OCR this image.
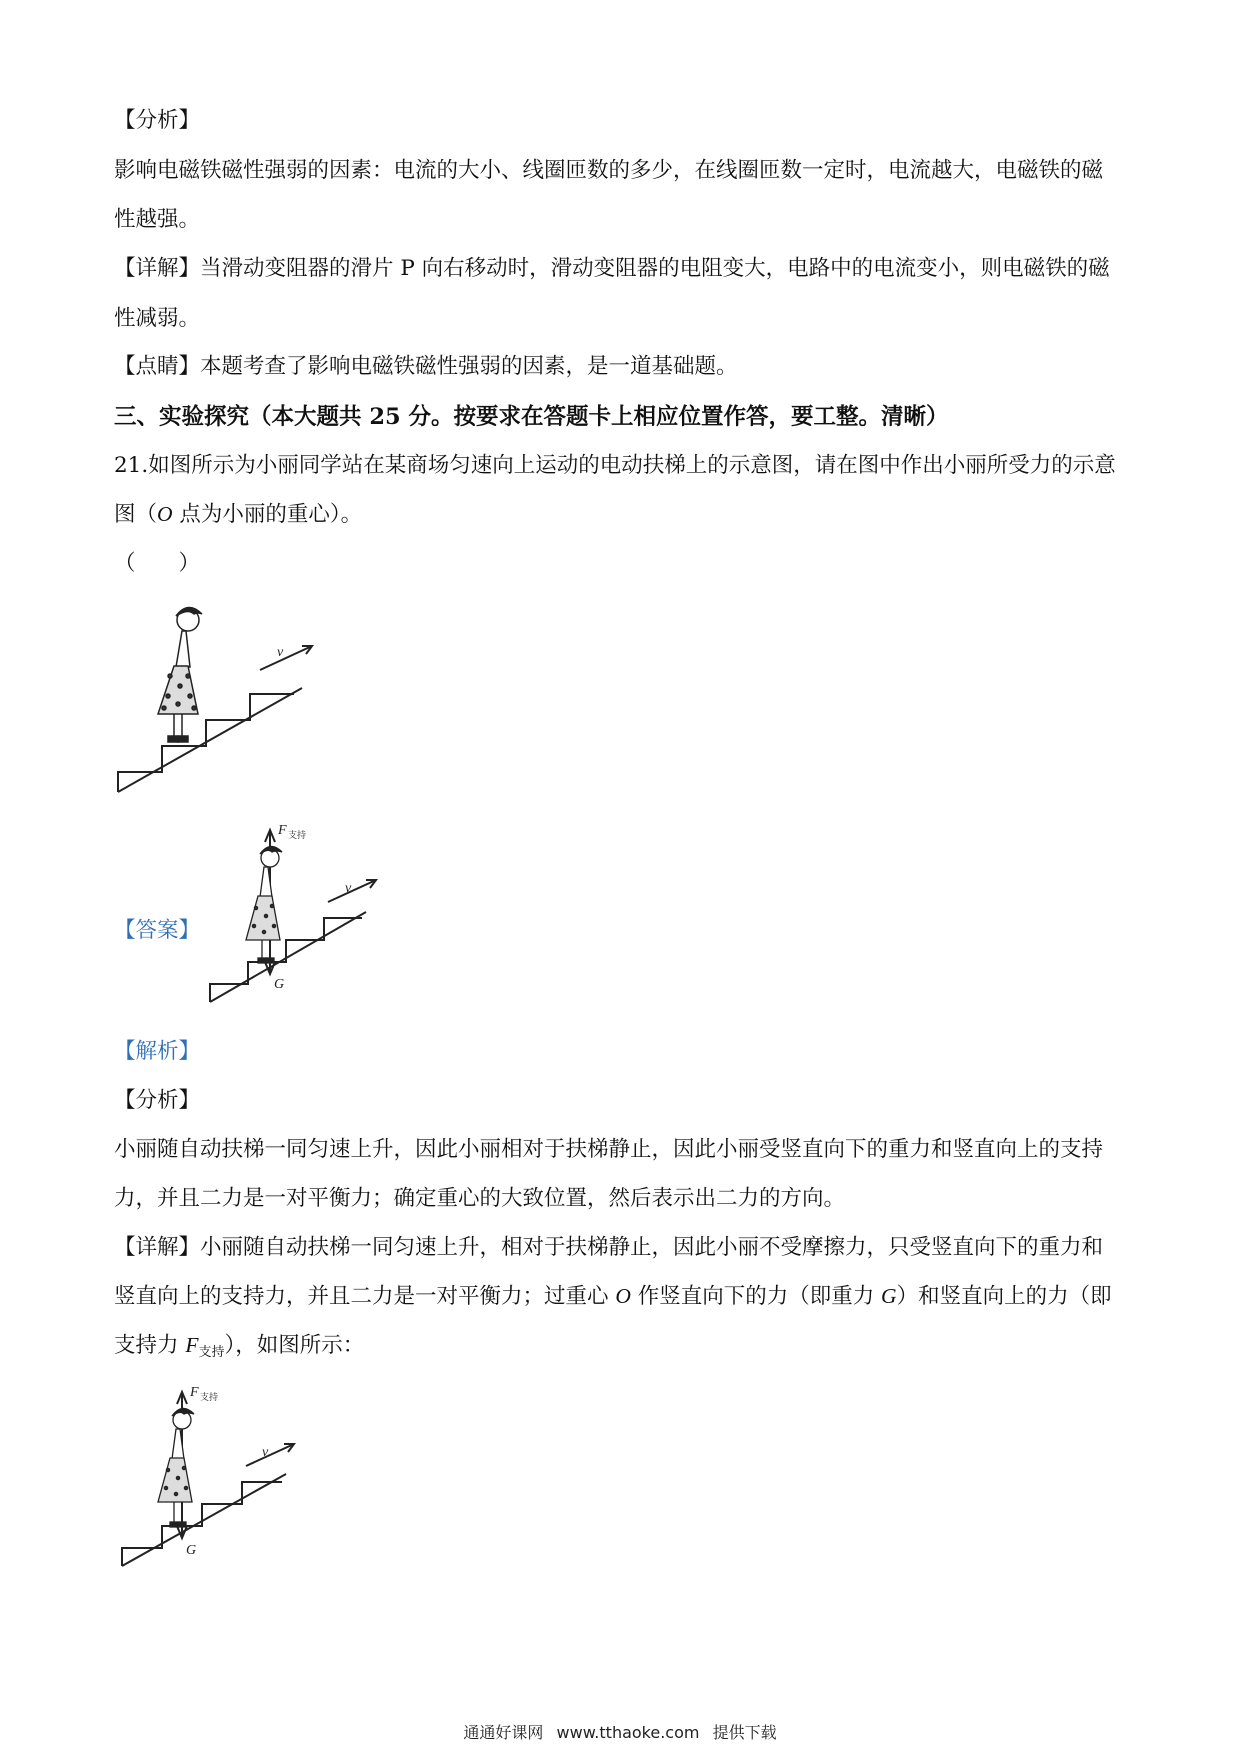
【分析】

影响电磁铁磁性强弱的因素：电流的大小、线圈匝数的多少，在线圈匝数一定时，电流越大，电磁铁的磁

性越强。

【详解】当滑动变阻器的滑片 P 向右移动时，滑动变阻器的电阻变大，电路中的电流变小，则电磁铁的磁

性减弱。

【点睛】本题考查了影响电磁铁磁性强弱的因素，是一道基础题。

三、实验探究（本大题共 25 分。按要求在答题卡上相应位置作答，要工整。清晰）

21.如图所示为小丽同学站在某商场匀速向上运动的电动扶梯上的示意图，请在图中作出小丽所受力的示意

图（O 点为小丽的重心）。

（　　）

v

【答案】

F 支持
v
G

【解析】

【分析】

小丽随自动扶梯一同匀速上升，因此小丽相对于扶梯静止，因此小丽受竖直向下的重力和竖直向上的支持

力，并且二力是一对平衡力；确定重心的大致位置，然后表示出二力的方向。

【详解】小丽随自动扶梯一同匀速上升，相对于扶梯静止，因此小丽不受摩擦力，只受竖直向下的重力和

竖直向上的支持力，并且二力是一对平衡力；过重心 O 作竖直向下的力（即重力 G）和竖直向上的力（即

支持力 $F_{支持}$），如图所示：

F 支持
v
G
通通好课网 www.tthaoke.com 提供下载
